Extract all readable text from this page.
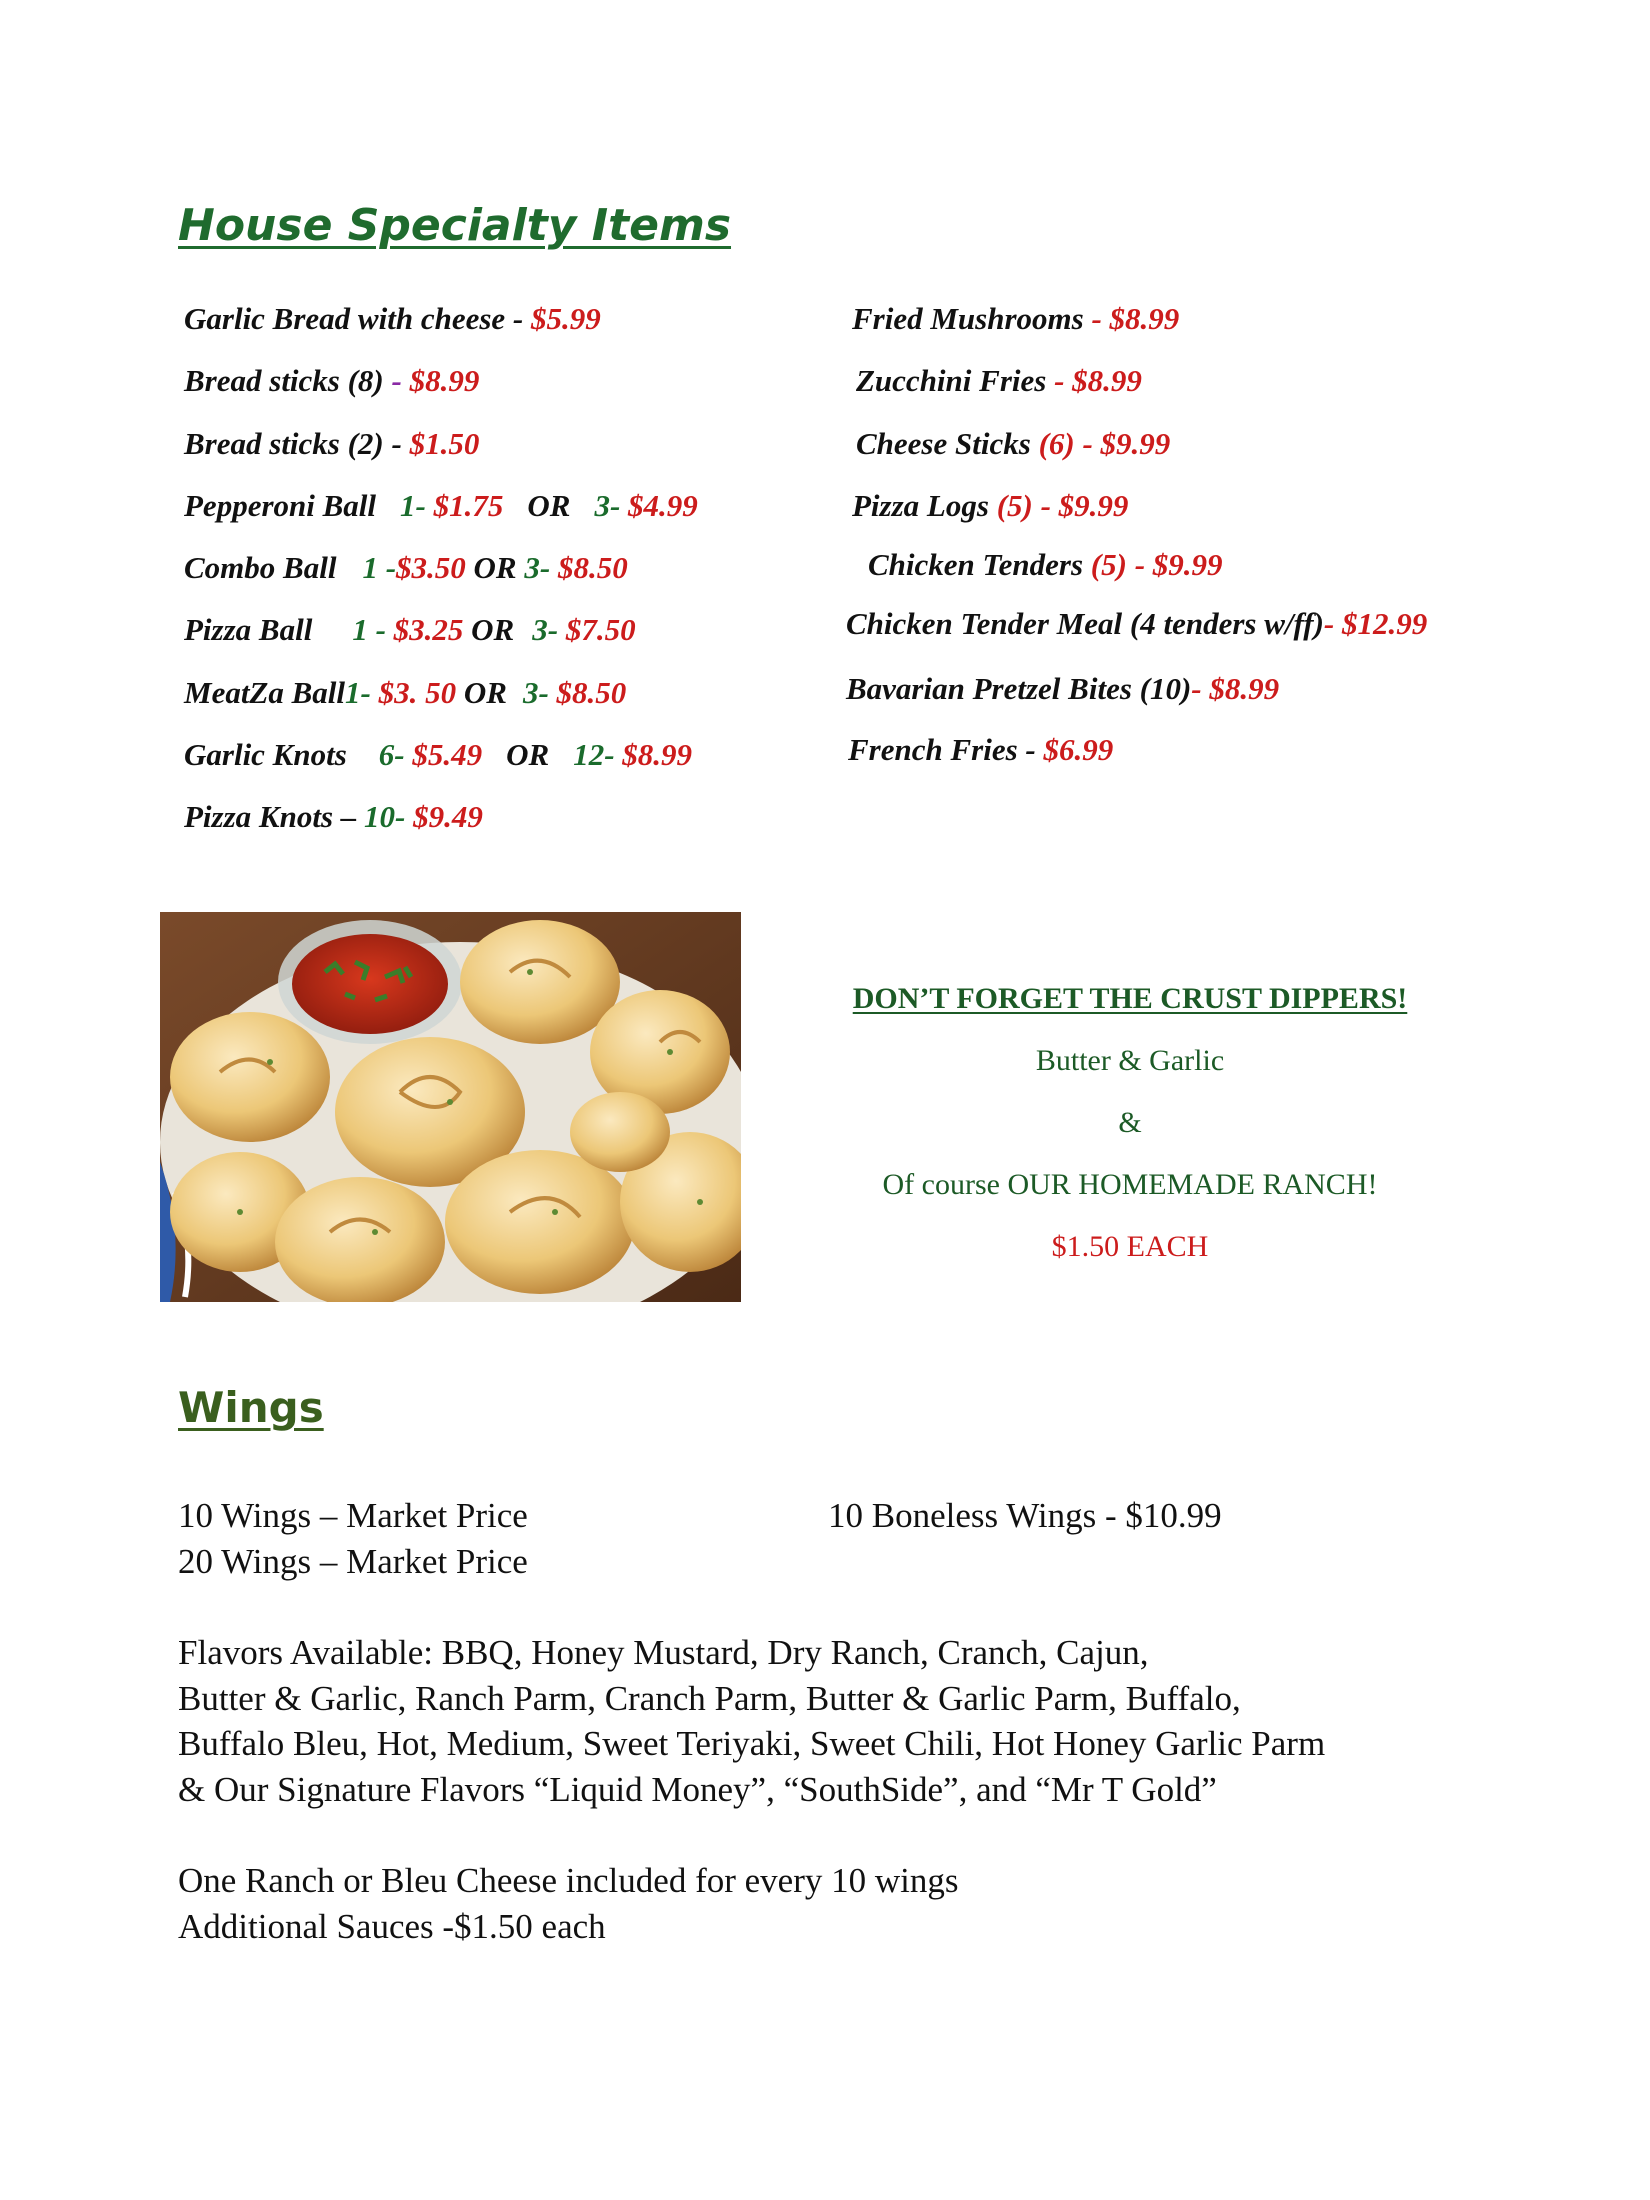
House Specialty Items
Garlic Bread with cheese - $5.99
Bread sticks (8) - $8.99
Bread sticks (2) - $1.50
Pepperoni Ball 1- $1.75 OR 3- $4.99
Combo Ball 1 -$3.50 OR 3- $8.50
Pizza Ball 1 - $3.25 OR 3- $7.50
MeatZa Ball1- $3. 50 OR 3- $8.50
Garlic Knots 6- $5.49 OR 12- $8.99
Pizza Knots – 10- $9.49
Fried Mushrooms - $8.99
Zucchini Fries - $8.99
Cheese Sticks (6) - $9.99
Pizza Logs (5) - $9.99
Chicken Tenders (5) - $9.99
Chicken Tender Meal (4 tenders w/ff)- $12.99
Bavarian Pretzel Bites (10)- $8.99
French Fries - $6.99
DON’T FORGET THE CRUST DIPPERS!
Butter & Garlic
&
Of course OUR HOMEMADE RANCH!
$1.50 EACH
Wings
10 Wings – Market Price
20 Wings – Market Price
10 Boneless Wings - $10.99
Flavors Available: BBQ, Honey Mustard, Dry Ranch, Cranch, Cajun,
Butter & Garlic, Ranch Parm, Cranch Parm, Butter & Garlic Parm, Buffalo,
Buffalo Bleu, Hot, Medium, Sweet Teriyaki, Sweet Chili, Hot Honey Garlic Parm
& Our Signature Flavors “Liquid Money”, “SouthSide”, and “Mr T Gold”
One Ranch or Bleu Cheese included for every 10 wings
Additional Sauces -$1.50 each
